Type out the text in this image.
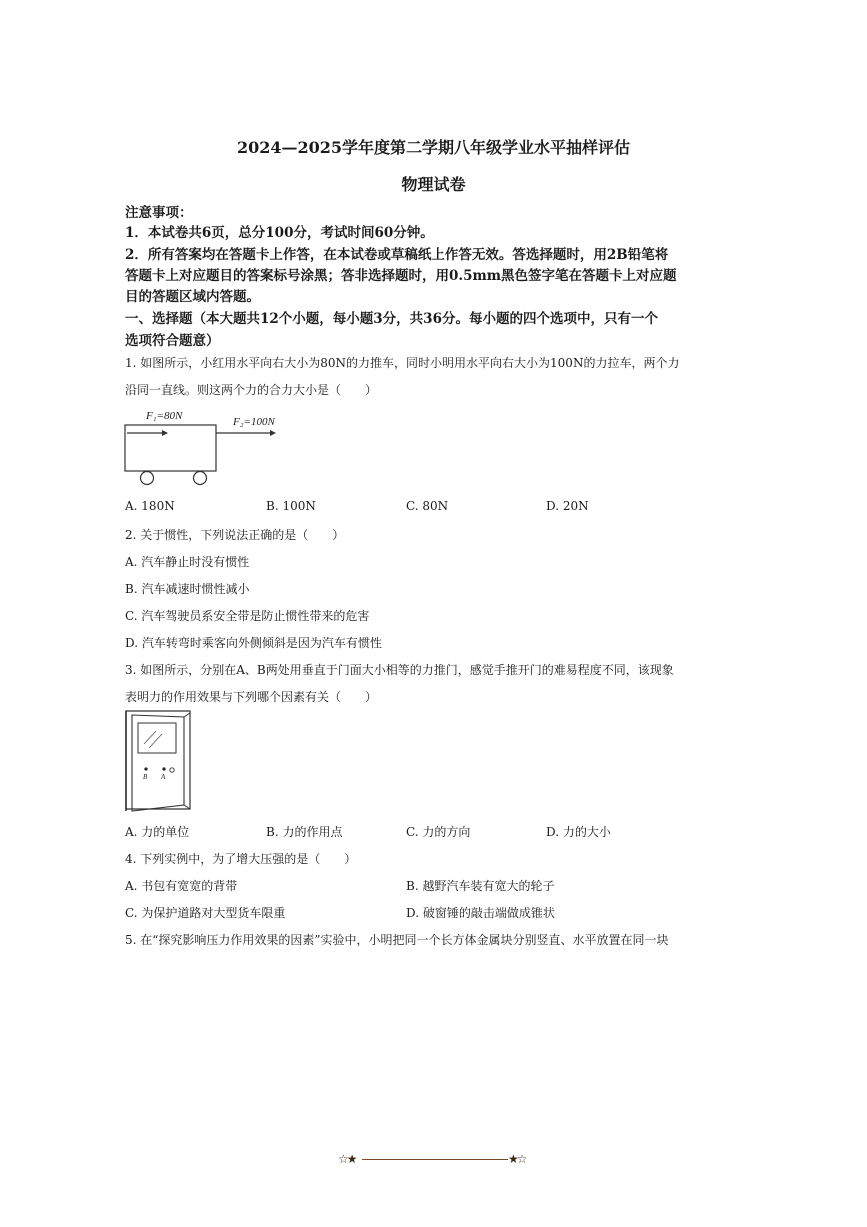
2024—2025学年度第二学期八年级学业水平抽样评估
物理试卷
注意事项：
1．本试卷共6页，总分100分，考试时间60分钟。
2．所有答案均在答题卡上作答，在本试卷或草稿纸上作答无效。答选择题时，用2B铅笔将
答题卡上对应题目的答案标号涂黑；答非选择题时，用0.5mm黑色签字笔在答题卡上对应题
目的答题区域内答题。
一、选择题（本大题共12个小题，每小题3分，共36分。每小题的四个选项中，只有一个
选项符合题意）
1. 如图所示，小红用水平向右大小为80N的力推车，同时小明用水平向右大小为100N的力拉车，两个力
沿同一直线。则这两个力的合力大小是（　　）
F₁=80N	F₂=100N
A. 180N	B. 100N	C. 80N	D. 20N
2. 关于惯性，下列说法正确的是（　　）
A. 汽车静止时没有惯性
B. 汽车减速时惯性减小
C. 汽车驾驶员系安全带是防止惯性带来的危害
D. 汽车转弯时乘客向外侧倾斜是因为汽车有惯性
3. 如图所示，分别在A、B两处用垂直于门面大小相等的力推门，感觉手推开门的难易程度不同，该现象
表明力的作用效果与下列哪个因素有关（　　）
B A
A. 力的单位	B. 力的作用点	C. 力的方向	D. 力的大小
4. 下列实例中，为了增大压强的是（　　）
A. 书包有宽宽的背带	B. 越野汽车装有宽大的轮子
C. 为保护道路对大型货车限重	D. 破窗锤的敲击端做成锥状
5. 在“探究影响压力作用效果的因素”实验中，小明把同一个长方体金属块分别竖直、水平放置在同一块
☆★	★☆
